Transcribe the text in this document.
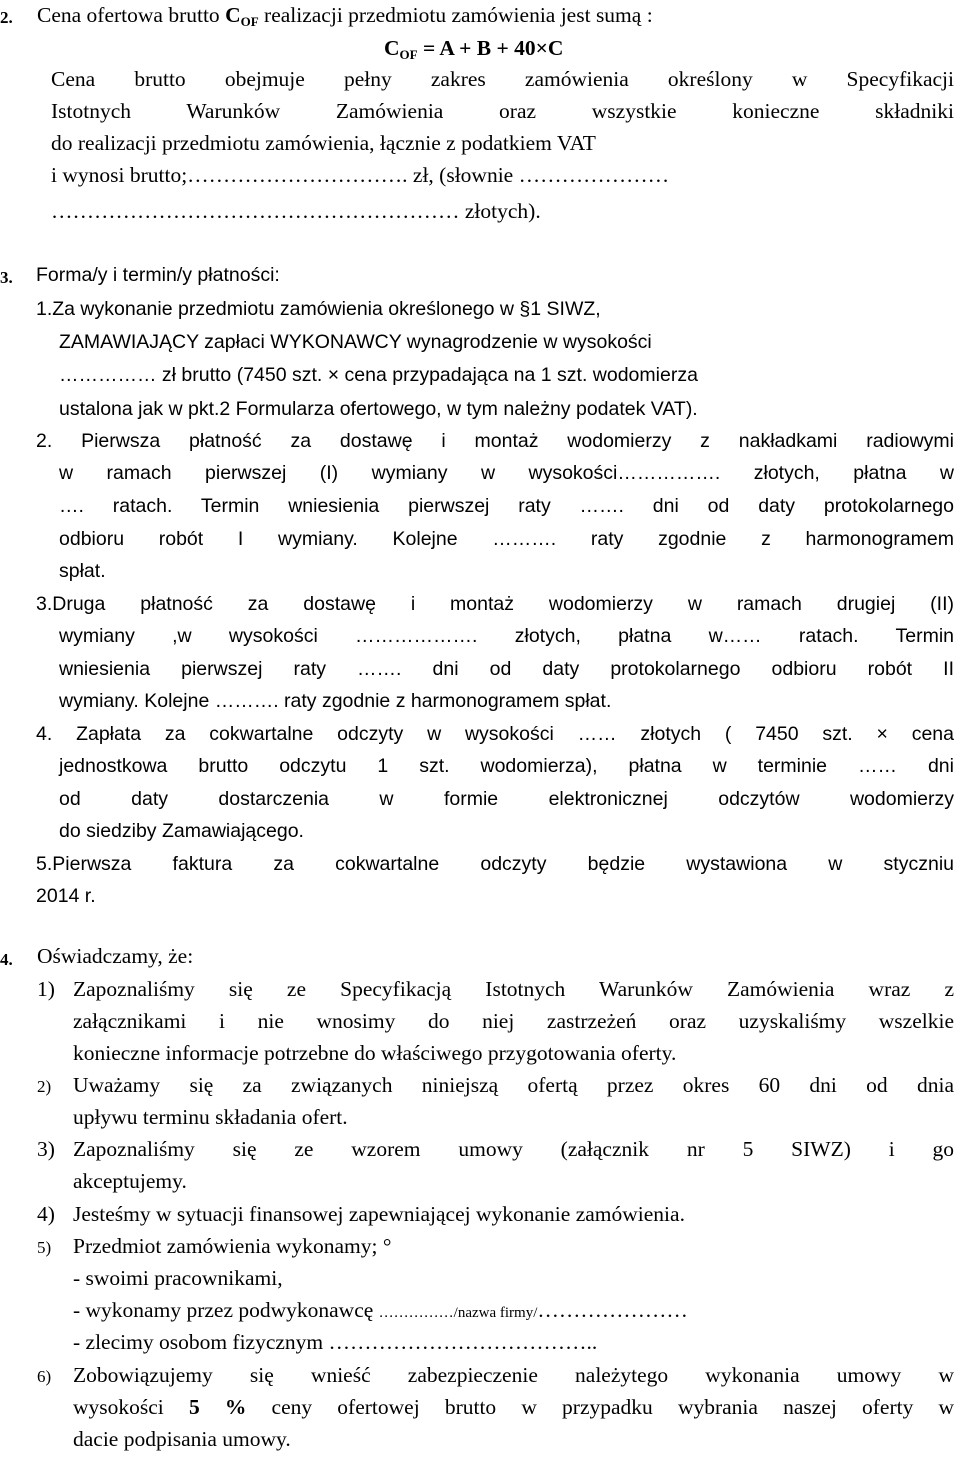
2. Cena ofertowa brutto COF realizacji przedmiotu zamówienia jest sumą :
COF = A + B + 40×C
Cena brutto obejmuje pełny zakres zamówienia określony w Specyfikacji
Istotnych Warunków Zamówienia oraz wszystkie konieczne składniki
do realizacji przedmiotu zamówienia, łącznie z podatkiem VAT
i wynosi brutto;…………………………. zł, (słownie …………………
………………………………………………… złotych).
3. Forma/y i termin/y płatności:
1.Za wykonanie przedmiotu zamówienia określonego w §1 SIWZ,
ZAMAWIAJĄCY zapłaci WYKONAWCY wynagrodzenie w wysokości
…………… zł brutto (7450 szt. × cena przypadająca na 1 szt. wodomierza
ustalona jak w pkt.2 Formularza ofertowego, w tym należny podatek VAT).
2. Pierwsza płatność za dostawę i montaż wodomierzy z nakładkami radiowymi
w ramach pierwszej (I) wymiany w wysokości……………. złotych, płatna w
…. ratach. Termin wniesienia pierwszej raty ……. dni od daty protokolarnego
odbioru robót I wymiany. Kolejne ………. raty zgodnie z harmonogramem
spłat.
3.Druga płatność za dostawę i montaż wodomierzy w ramach drugiej (II)
wymiany ,w wysokości ………………. złotych, płatna w…… ratach. Termin
wniesienia pierwszej raty ……. dni od daty protokolarnego odbioru robót II
wymiany. Kolejne ………. raty zgodnie z harmonogramem spłat.
4. Zapłata za cokwartalne odczyty w wysokości …… złotych ( 7450 szt. × cena
jednostkowa brutto odczytu 1 szt. wodomierza), płatna w terminie …… dni
od daty dostarczenia w formie elektronicznej odczytów wodomierzy
do siedziby Zamawiającego.
5.Pierwsza faktura za cokwartalne odczyty będzie wystawiona w styczniu
2014 r.
4. Oświadczamy, że:
1) Zapoznaliśmy się ze Specyfikacją Istotnych Warunków Zamówienia wraz z
załącznikami i nie wnosimy do niej zastrzeżeń oraz uzyskaliśmy wszelkie
konieczne informacje potrzebne do właściwego przygotowania oferty.
2) Uważamy się za związanych niniejszą ofertą przez okres 60 dni od dnia
upływu terminu składania ofert.
3) Zapoznaliśmy się ze wzorem umowy (załącznik nr 5 SIWZ) i go
akceptujemy.
4) Jesteśmy w sytuacji finansowej zapewniającej wykonanie zamówienia.
5) Przedmiot zamówienia wykonamy; °
- swoimi pracownikami,
- wykonamy przez podwykonawcę ……………/nazwa firmy/…………………
- zlecimy osobom fizycznym ………………………………..
6) Zobowiązujemy się wnieść zabezpieczenie należytego wykonania umowy w
wysokości 5 % ceny ofertowej brutto w przypadku wybrania naszej oferty w
dacie podpisania umowy.
